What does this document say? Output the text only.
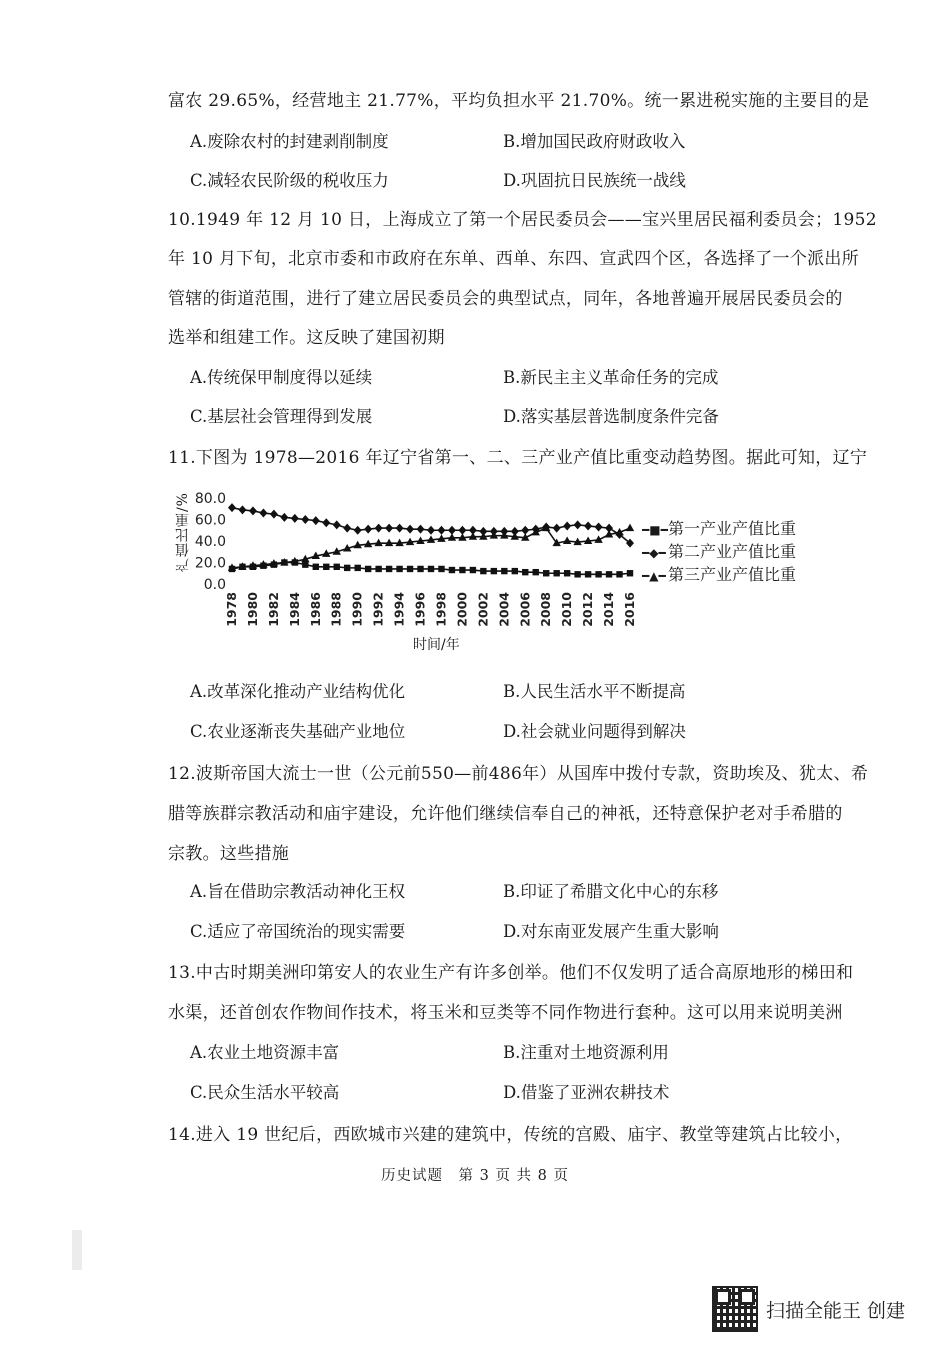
富农 29.65%，经营地主 21.77%，平均负担水平 21.70%。统一累进税实施的主要目的是
A.废除农村的封建剥削制度	B.增加国民政府财政收入
C.减轻农民阶级的税收压力	D.巩固抗日民族统一战线
10.1949 年 12 月 10 日，上海成立了第一个居民委员会——宝兴里居民福利委员会；1952
年 10 月下旬，北京市委和市政府在东单、西单、东四、宣武四个区，各选择了一个派出所
管辖的街道范围，进行了建立居民委员会的典型试点，同年，各地普遍开展居民委员会的
选举和组建工作。这反映了建国初期
A.传统保甲制度得以延续	B.新民主主义革命任务的完成
C.基层社会管理得到发展	D.落实基层普选制度条件完备
11.下图为 1978—2016 年辽宁省第一、二、三产业产值比重变动趋势图。据此可知，辽宁
产值比重/% 80.0
60.0
40.0
20.0
0.0
1978 1980 1982 1984 1986 1988 1990 1992 1994 1996 1998 2000 2002 2004 2006 2008 2010 2012 2014 2016
时间/年
━■━第一产业产值比重
━◆━ 第二产业产值比重
━▲━ 第三产业产值比重
A.改革深化推动产业结构优化	B.人民生活水平不断提高
C.农业逐渐丧失基础产业地位	D.社会就业问题得到解决
12.波斯帝国大流士一世（公元前550—前486年）从国库中拨付专款，资助埃及、犹太、希
腊等族群宗教活动和庙宇建设，允许他们继续信奉自己的神祇，还特意保护老对手希腊的
宗教。这些措施
A.旨在借助宗教活动神化王权	B.印证了希腊文化中心的东移
C.适应了帝国统治的现实需要	D.对东南亚发展产生重大影响
13.中古时期美洲印第安人的农业生产有许多创举。他们不仅发明了适合高原地形的梯田和
水渠，还首创农作物间作技术，将玉米和豆类等不同作物进行套种。这可以用来说明美洲
A.农业土地资源丰富	B.注重对土地资源利用
C.民众生活水平较高	D.借鉴了亚洲农耕技术
14.进入 19 世纪后，西欧城市兴建的建筑中，传统的宫殿、庙宇、教堂等建筑占比较小，
历史试题　第 3 页 共 8 页
扫描全能王 创建
